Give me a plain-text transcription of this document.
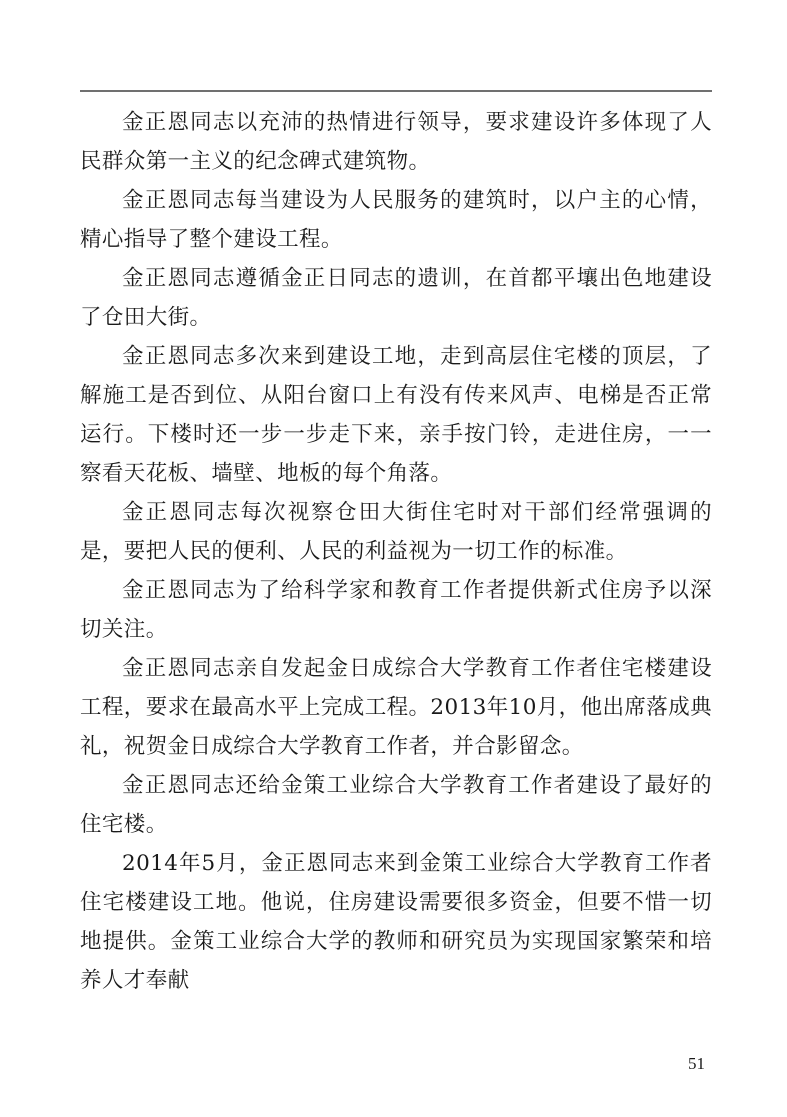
金正恩同志以充沛的热情进行领导，要求建设许多体现了人民群众第一主义的纪念碑式建筑物。

金正恩同志每当建设为人民服务的建筑时，以户主的心情，精心指导了整个建设工程。

金正恩同志遵循金正日同志的遗训，在首都平壤出色地建设了仓田大街。

金正恩同志多次来到建设工地，走到高层住宅楼的顶层，了解施工是否到位、从阳台窗口上有没有传来风声、电梯是否正常运行。下楼时还一步一步走下来，亲手按门铃，走进住房，一一察看天花板、墙壁、地板的每个角落。

金正恩同志每次视察仓田大街住宅时对干部们经常强调的是，要把人民的便利、人民的利益视为一切工作的标准。

金正恩同志为了给科学家和教育工作者提供新式住房予以深切关注。

金正恩同志亲自发起金日成综合大学教育工作者住宅楼建设工程，要求在最高水平上完成工程。2013年10月，他出席落成典礼，祝贺金日成综合大学教育工作者，并合影留念。

金正恩同志还给金策工业综合大学教育工作者建设了最好的住宅楼。

2014年5月，金正恩同志来到金策工业综合大学教育工作者住宅楼建设工地。他说，住房建设需要很多资金，但要不惜一切地提供。金策工业综合大学的教师和研究员为实现国家繁荣和培养人才奉献

51
